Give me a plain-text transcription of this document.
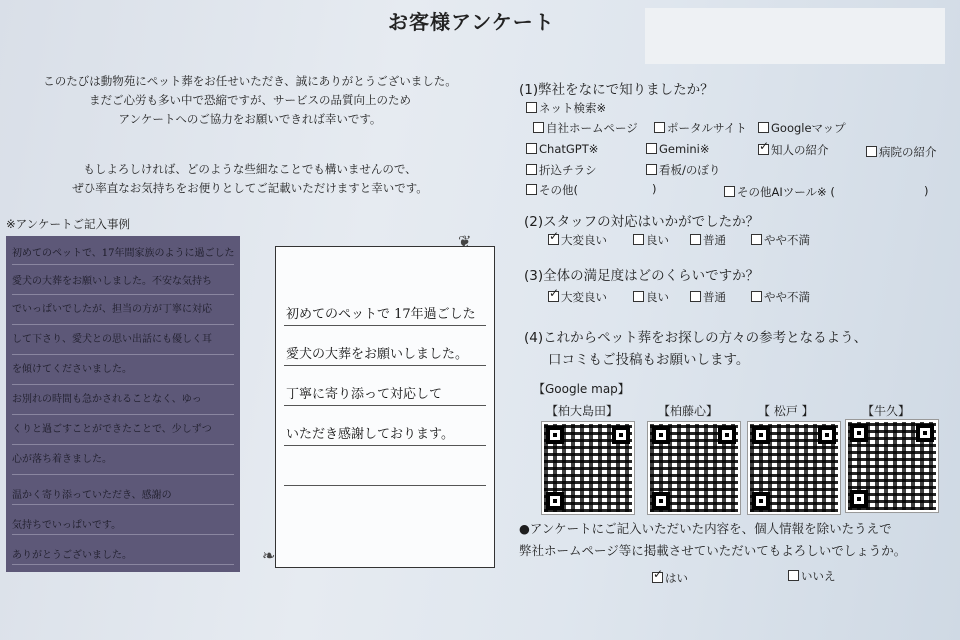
お客様アンケート
このたびは動物苑にペット葬をお任せいただき、誠にありがとうございました。
まだご心労も多い中で恐縮ですが、サービスの品質向上のため
アンケートへのご協力をお願いできれば幸いです。
もしよろしければ、どのような些細なことでも構いませんので、
ぜひ率直なお気持ちをお便りとしてご記載いただけますと幸いです。
※アンケートご記入事例
初めてのペットで、17年間家族のように過ごした
愛犬の大葬をお願いしました。不安な気持ち
でいっぱいでしたが、担当の方が丁寧に対応
して下さり、愛犬との思い出話にも優しく耳
を傾けてくださいました。
お別れの時間も急かされることなく、ゆっ
くりと過ごすことができたことで、少しずつ
心が落ち着きました。
温かく寄り添っていただき、感謝の
気持ちでいっぱいです。
ありがとうございました。
初めてのペットで 17年過ごした
愛犬の大葬をお願いしました。
丁寧に寄り添って対応して
いただき感謝しております。
❦
❧
(1)弊社をなにで知りましたか？
ネット検索※
自社ホームページ	ポータルサイト	Googleマップ
ChatGPT※	Gemini※
✓	知人の紹介	病院の紹介
折込チラシ	看板/のぼり
その他(	)	その他AIツール※ (	)
(2)スタッフの対応はいかがでしたか？
✓大変良い	良い	普通	やや不満
(3)全体の満足度はどのくらいですか？
✓大変良い	良い	普通	やや不満
(4)これからペット葬をお探しの方々の参考となるよう、
口コミもご投稿もお願いします。
【Google map】
【柏大島田】	【柏藤心】	【 松戸 】	【牛久】
●アンケートにご記入いただいた内容を、個人情報を除いたうえで
弊社ホームページ等に掲載させていただいてもよろしいでしょうか。
✓はい	いいえ
